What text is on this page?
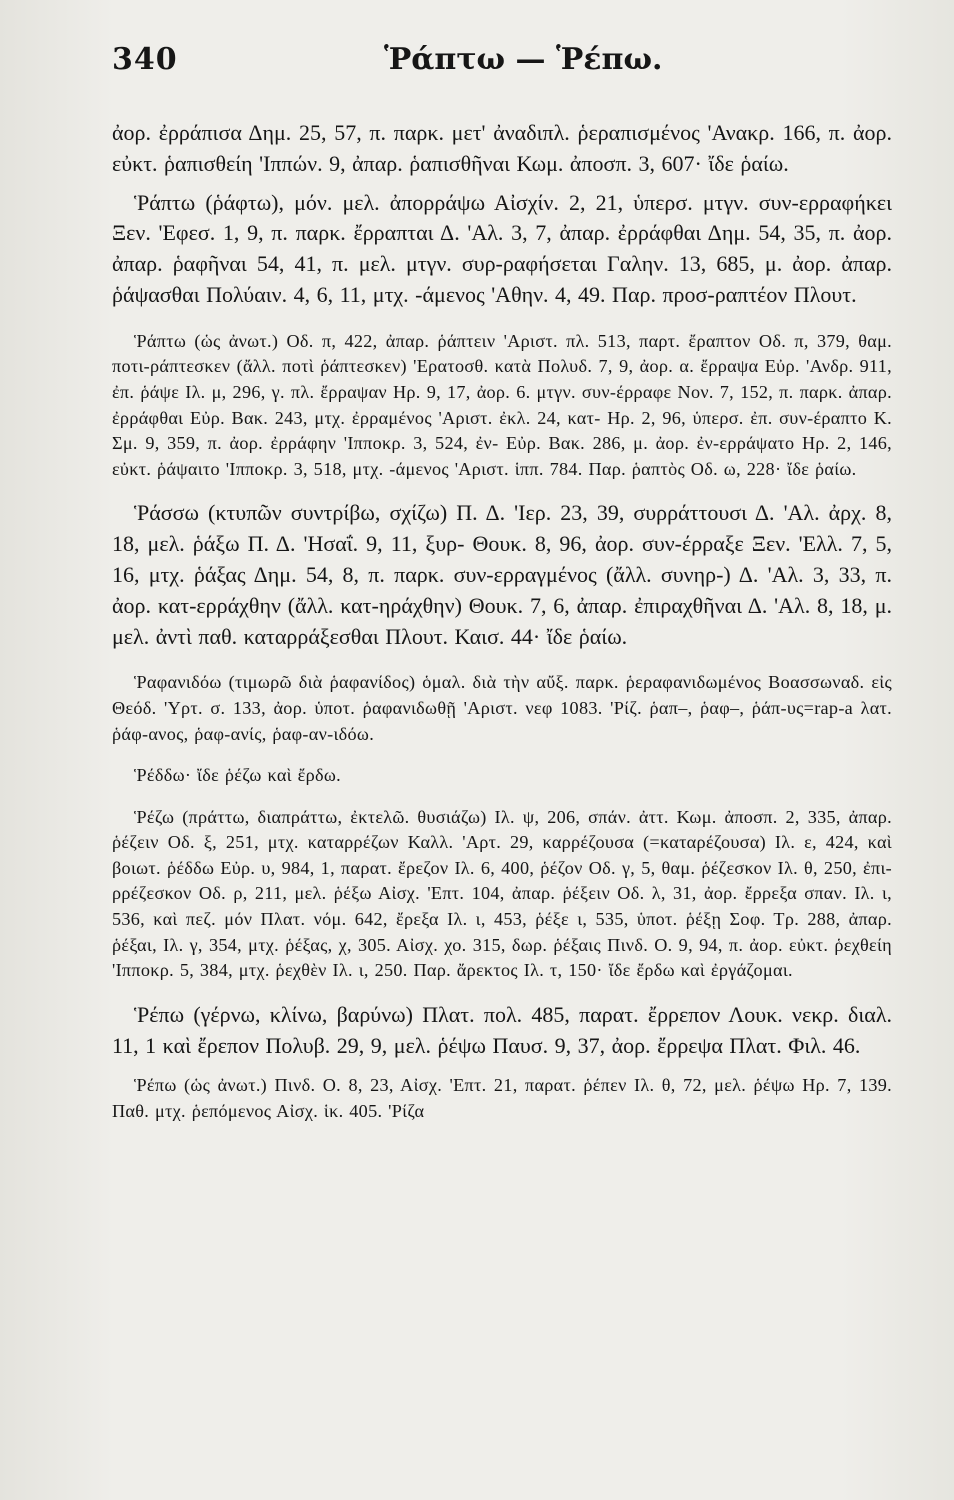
340	Ῥάπτω — Ῥέπω.

ἀορ. ἐρράπισα Δημ. 25, 57, π. παρκ. μετ' ἀναδιπλ. ῥεραπισμένος 'Ανακρ. 166, π. ἀορ. εὐκτ. ῥαπισθείη 'Ιππών. 9, ἀπαρ. ῥαπισθῆναι Κωμ. ἀποσπ. 3, 607· ἴδε ῥαίω.

Ῥάπτω (ῥάφτω), μόν. μελ. ἀπορράψω Αἰσχίν. 2, 21, ὑπερσ. μτγν. συν-ερραφήκει Ξεν. 'Εφεσ. 1, 9, π. παρκ. ἔρραπται Δ. 'Αλ. 3, 7, ἀπαρ. ἐρράφθαι Δημ. 54, 35, π. ἀορ. ἀπαρ. ῥαφῆναι 54, 41, π. μελ. μτγν. συρ-ραφήσεται Γαλην. 13, 685, μ. ἀορ. ἀπαρ. ῥάψασθαι Πολύαιν. 4, 6, 11, μτχ. -άμενος 'Αθην. 4, 49. Παρ. προσ-ραπτέον Πλουτ.

Ῥάπτω (ὡς ἀνωτ.) Οδ. π, 422, ἀπαρ. ῥάπτειν 'Αριστ. πλ. 513, παρτ. ἔραπτον Οδ. π, 379, θαμ. ποτι-ράπτεσκεν (ἄλλ. ποτὶ ῥάπτεσκεν) 'Ερατοσθ. κατὰ Πολυδ. 7, 9, ἀορ. α. ἔρραψα Εὐρ. 'Ανδρ. 911, ἐπ. ῥάψε Ιλ. μ, 296, γ. πλ. ἔρραψαν Ηρ. 9, 17, ἀορ. 6. μτγν. συν-έρραφε Νον. 7, 152, π. παρκ. ἀπαρ. ἐρράφθαι Εὐρ. Βακ. 243, μτχ. ἐρραμένος 'Αριστ. ἐκλ. 24, κατ- Ηρ. 2, 96, ὑπερσ. ἐπ. συν-έραπτο Κ. Σμ. 9, 359, π. ἀορ. ἐρράφην 'Ιπποκρ. 3, 524, ἐν- Εὐρ. Βακ. 286, μ. ἀορ. ἐν-ερράψατο Ηρ. 2, 146, εὐκτ. ῥάψαιτο 'Ιπποκρ. 3, 518, μτχ. -άμενος 'Αριστ. ἱππ. 784. Παρ. ῥαπτὸς Οδ. ω, 228· ἴδε ῥαίω.

Ῥάσσω (κτυπῶν συντρίβω, σχίζω) Π. Δ. 'Ιερ. 23, 39, συρράττουσι Δ. 'Αλ. ἀρχ. 8, 18, μελ. ῥάξω Π. Δ. 'Ησαΐ. 9, 11, ξυρ- Θουκ. 8, 96, ἀορ. συν-έρραξε Ξεν. 'Ελλ. 7, 5, 16, μτχ. ῥάξας Δημ. 54, 8, π. παρκ. συν-ερραγμένος (ἄλλ. συνηρ-) Δ. 'Αλ. 3, 33, π. ἀορ. κατ-ερράχθην (ἄλλ. κατ-ηράχθην) Θουκ. 7, 6, ἀπαρ. ἐπιραχθῆναι Δ. 'Αλ. 8, 18, μ. μελ. ἀντὶ παθ. καταρράξεσθαι Πλουτ. Καισ. 44· ἴδε ῥαίω.

Ῥαφανιδόω (τιμωρῶ διὰ ῥαφανίδος) ὁμαλ. διὰ τὴν αὔξ. παρκ. ῥεραφανιδωμένος Βοασσωναδ. εἰς Θεόδ. 'Υρτ. σ. 133, ἀορ. ὑποτ. ῥαφανιδωθῇ 'Αριστ. νεφ 1083. 'Ρίζ. ῥαπ–, ῥαφ–, ῥάπ-υς=rap-a λατ. ῥάφ-ανος, ῥαφ-ανίς, ῥαφ-αν-ιδόω.

Ῥέδδω· ἴδε ῥέζω καὶ ἔρδω.

Ῥέζω (πράττω, διαπράττω, ἐκτελῶ. θυσιάζω) Ιλ. ψ, 206, σπάν. ἀττ. Κωμ. ἀποσπ. 2, 335, ἀπαρ. ῥέζειν Οδ. ξ, 251, μτχ. καταρρέζων Καλλ. 'Αρτ. 29, καρρέζουσα (=καταρέζουσα) Ιλ. ε, 424, καὶ βοιωτ. ῥέδδω Εὐρ. υ, 984, 1, παρατ. ἔρεζον Ιλ. 6, 400, ῥέζον Οδ. γ, 5, θαμ. ῥέζεσκον Ιλ. θ, 250, ἐπι-ρρέζεσκον Οδ. ρ, 211, μελ. ῥέξω Αἰσχ. 'Επτ. 104, ἀπαρ. ῥέξειν Οδ. λ, 31, ἀορ. ἔρρεξα σπαν. Ιλ. ι, 536, καὶ πεζ. μόν Πλατ. νόμ. 642, ἔρεξα Ιλ. ι, 453, ῥέξε ι, 535, ὑποτ. ῥέξῃ Σοφ. Τρ. 288, ἀπαρ. ῥέξαι, Ιλ. γ, 354, μτχ. ῥέξας, χ, 305. Αἰσχ. χο. 315, δωρ. ῥέξαις Πινδ. Ο. 9, 94, π. ἀορ. εὐκτ. ῥεχθείη 'Ιπποκρ. 5, 384, μτχ. ῥεχθὲν Ιλ. ι, 250. Παρ. ἄρεκτος Ιλ. τ, 150· ἴδε ἔρδω καὶ ἐργάζομαι.

Ῥέπω (γέρνω, κλίνω, βαρύνω) Πλατ. πολ. 485, παρατ. ἔρρεπον Λουκ. νεκρ. διαλ. 11, 1 καὶ ἔρεπον Πολυβ. 29, 9, μελ. ῥέψω Παυσ. 9, 37, ἀορ. ἔρρεψα Πλατ. Φιλ. 46.

Ῥέπω (ὡς ἀνωτ.) Πινδ. Ο. 8, 23, Αἰσχ. 'Επτ. 21, παρατ. ῥέπεν Ιλ. θ, 72, μελ. ῥέψω Ηρ. 7, 139. Παθ. μτχ. ῥεπόμενος Αἰσχ. ἱκ. 405. 'Ρίζα
